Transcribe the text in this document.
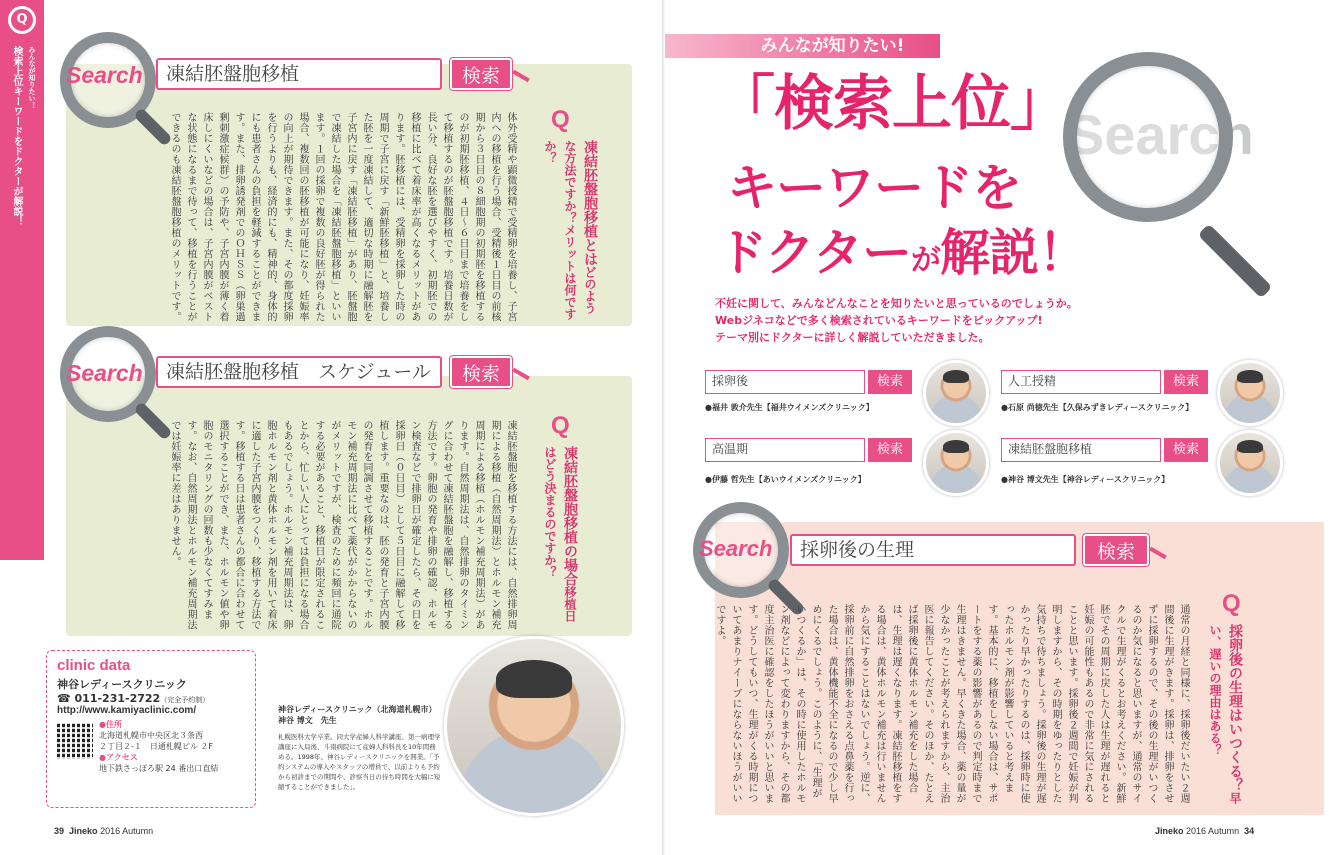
Q
みんなが知りたい！
検索上位キーワードをドクターが解説！	Search	凍結胚盤胞移植	検索
Q
凍結胚盤胞移植とはどのような方法ですか？メリットは何ですか？
体外受精や顕微授精で受精卵を培養し、子宮内への移植を行う場合、受精後１日目の前核期から３日目の８細胞期の初期胚を移植するのが初期胚移植、４日〜６日目まで培養をして移植するのが胚盤胞移植です。培養日数が長い分、良好な胚を選びやすく、初期胚での移植に比べて着床率が高くなるメリットがあります。胚移植には、受精卵を採卵した時の周期で子宮に戻す「新鮮胚移植」と、培養した胚を一度凍結して、適切な時期に融解胚を子宮内に戻す「凍結胚移植」があり、胚盤胞で凍結した場合を「凍結胚盤胞移植」といいます。１回の採卵で複数の良好胚が得られた場合、複数回の胚移植が可能になり、妊娠率の向上が期待できます。また、その都度採卵を行うよりも、経済的にも、精神的、身体的にも患者さんの負担を軽減することができます。また、排卵誘発剤でのＯＨＳＳ（卵巣過剰刺激症候群）の予防や、子宮内膜が薄く着床しにくいなどの場合は、子宮内膜がベストな状態になるまで待って、移植を行うことができるのも凍結胚盤胞移植のメリットです。
Search	凍結胚盤胞移植　スケジュール	検索
Q
凍結胚盤胞移植の場合移植日はどう決まるのですか？
凍結胚盤胞を移植する方法には、自然排卵周期による移植（自然周期法）とホルモン補充周期による移植（ホルモン補充周期法）があります。自然周期法は、自然排卵のタイミングに合わせて凍結胚盤胞を融解し、移植する方法です。卵胞の発育や排卵の確認、ホルモン検査などで排卵日が確定したら、その日を採卵日（０日目）として５日目に融解して移植します。重要なのは、胚の発育と子宮内膜の発育を同調させて移植することです。ホルモン補充周期法に比べて薬代がかからないのがメリットですが、検査のために頻回に通院する必要があること、移植日が限定されることから、忙しい人にとっては負担になる場合もあるでしょう。ホルモン補充周期法は、卵胞ホルモン剤と黄体ホルモン剤を用いて着床に適した子宮内膜をつくり、移植する方法です。移植する日は患者さんの都合に合わせて選択することができ、また、ホルモン値や卵胞のモニタリングの回数も少なくてすみます。なお、自然周期法とホルモン補充周期法では妊娠率に差はありません。
clinic data
神谷レディースクリニック
☎ 011-231-2722（完全予約制）
http://www.kamiyaclinic.com/
●住所
北海道札幌市中央区北３条西
２丁目２-１　日通札幌ビル ２F
●アクセス
地下鉄さっぽろ駅 24 番出口直結
神谷レディースクリニック（北海道札幌市）
神谷 博文　先生

札幌医科大学卒業。同大学産婦人科学講座、第一病理学講座に入局後、斗南病院にて産婦人科科長を10年間務める。1998年、神谷レディースクリニックを開業。「予約システムの導入やスタッフの増員で、以前よりも予約から初診までの期間や、診察当日の待ち時間を大幅に短縮することができました」。

39 Jineko 2016 Autumn
みんなが知りたい!
Search
「検索上位」
キーワードを
ドクターが解説！
不妊に関して、みんなどんなことを知りたいと思っているのでしょうか。
Webジネコなどで多く検索されているキーワードをピックアップ!
テーマ別にドクターに詳しく解説していただきました。
採卵後	検索
●福井 敦介先生【福井ウイメンズクリニック】
人工授精	検索
●石原 尚徳先生【久保みずきレディースクリニック】
高温期	検索
●伊藤 哲先生【あいウイメンズクリニック】
凍結胚盤胞移植	検索
●神谷 博文先生【神谷レディースクリニック】
Search	採卵後の生理	検索
Q
採卵後の生理はいつくる？早い、遅いの理由はある？
通常の月経と同様に、採卵後だいたい２週間後に生理がきます。採卵は、排卵をさせずに採卵するので、その後の生理がいつくるのか気になると思いますが、通常のサイクルで生理がくるとお考えください。新鮮胚でその周期に戻した人は生理が遅れると妊娠の可能性もあるので非常に気にされることと思います。採卵後２週間で妊娠が判明しますから、その時期をゆったりとした気持ちで待ちましょう。採卵後の生理が遅かったり早かったりするのは、採卵時に使ったホルモン剤が影響していると考えます。基本的に、移植をしない場合は、サポートをする薬の影響があるので判定時まで生理はきません。早くきた場合、薬の量が少なかったことが考えられますから、主治医に報告してください。そのほか、たとえば採卵後に黄体ホルモン補充をした場合は、生理は遅くなります。凍結胚移植をする場合は、黄体ホルモン補充は行いませんから気にすることはないでしょう。逆に、採卵前に自然排卵をおさえる点鼻薬を行った場合は、黄体機能不全になるので少し早めにくるでしょう。このように、「生理がいつくるか」は、その時に使用したホルモン剤などによって変わりますから、その都度主治医に確認をしたほうがいいと思います。どうしてもいつ、生理がくる時期についてあまりナイーブにならないほうがいいですよ。
Jineko 2016 Autumn 34
